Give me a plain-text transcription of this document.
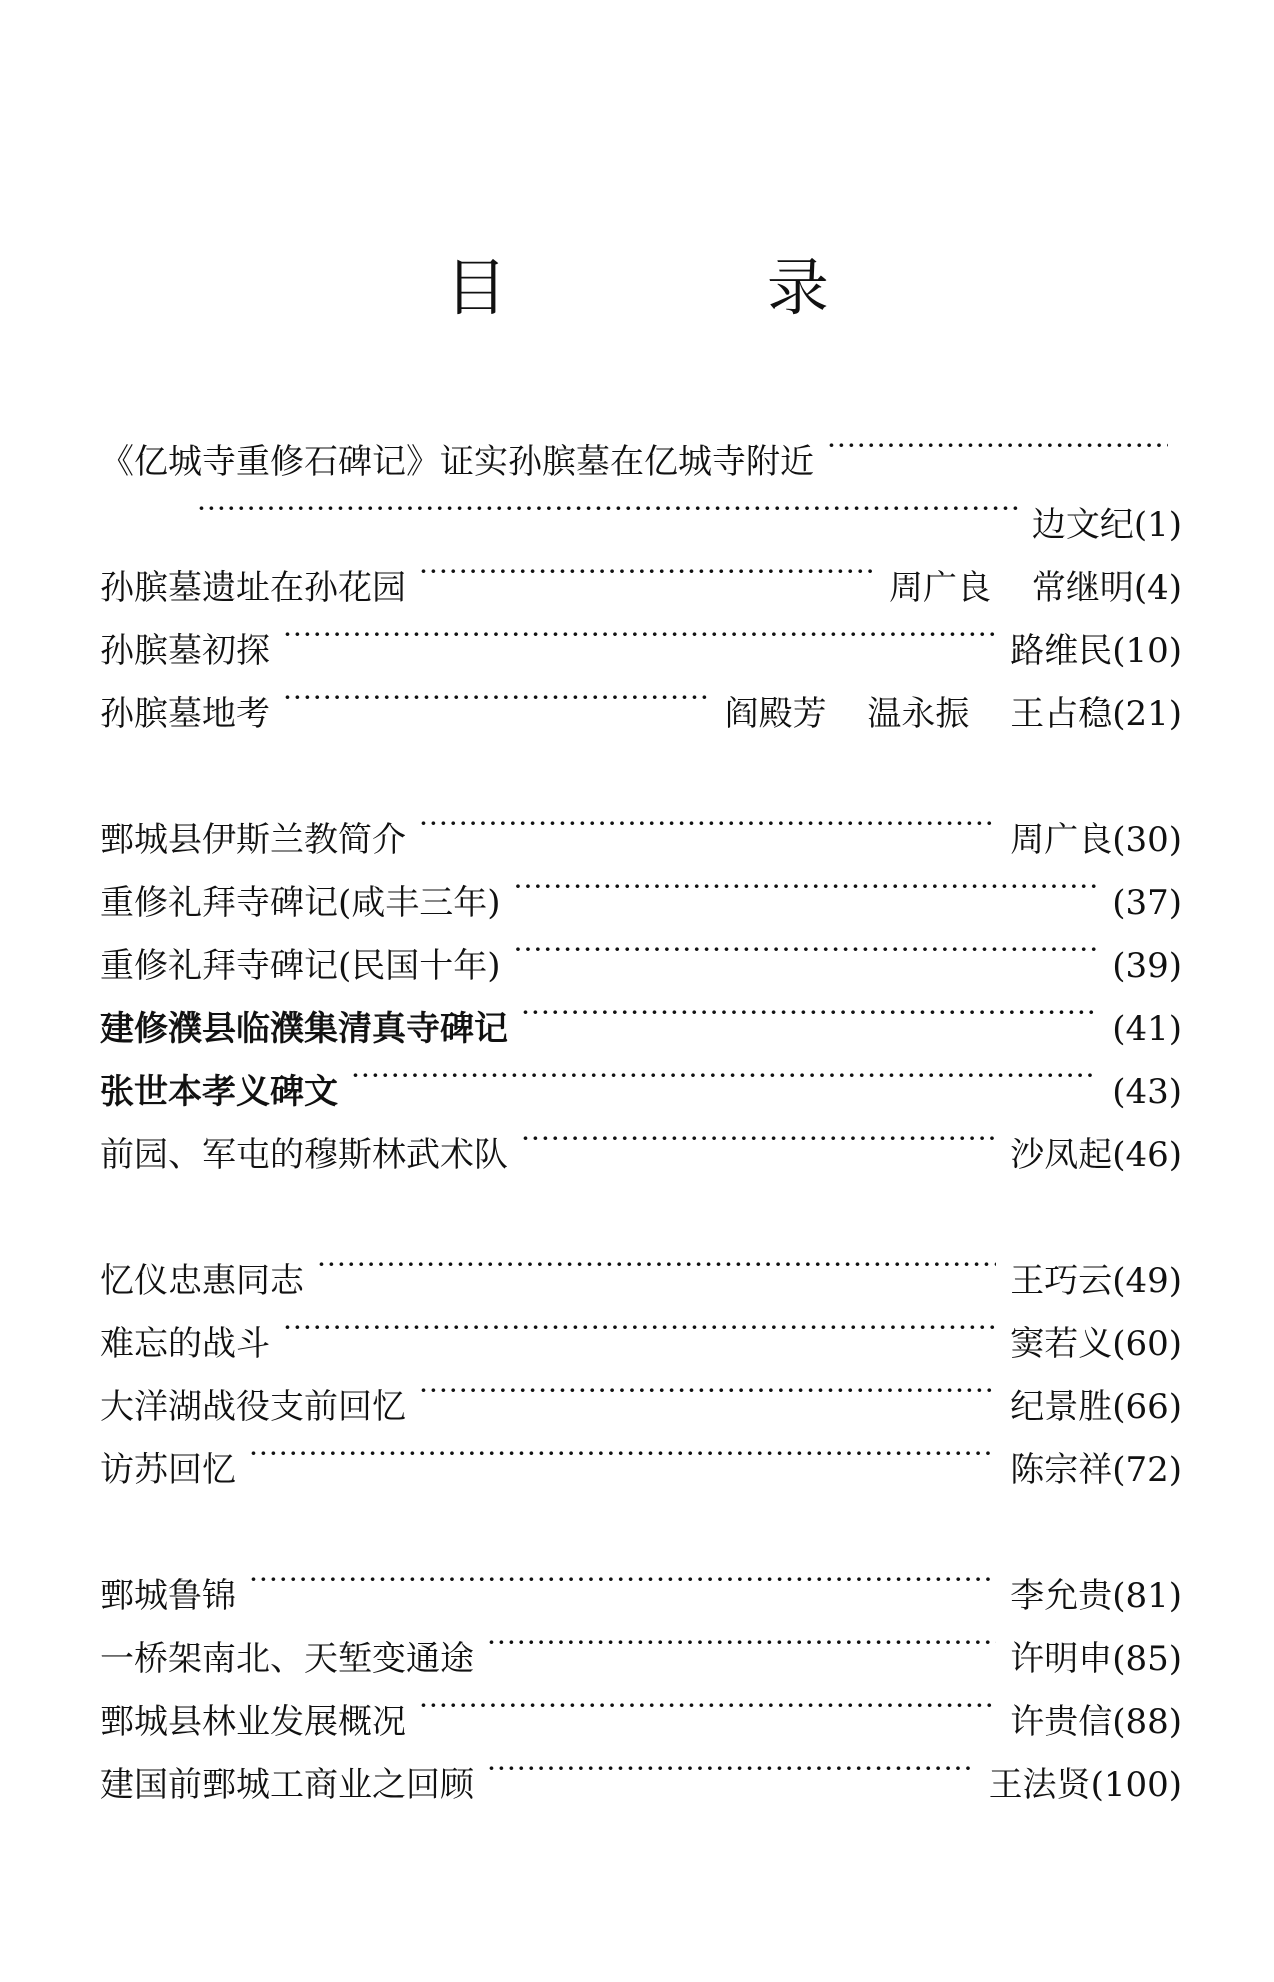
目 录
《亿城寺重修石碑记》证实孙膑墓在亿城寺附近
· · ·
· · ·
边文纪 (1)
孙膑墓遗址在孙花园 · · ·	周广良 常继明 (4)
孙膑墓初探 · · ·	路维民 (10)
孙膑墓地考 · · ·	阎殿芳 温永振 王占稳 (21)
鄄城县伊斯兰教简介 · · ·	周广良 (30)
重修礼拜寺碑记(咸丰三年) · · ·	(37)
重修礼拜寺碑记(民国十年) · · ·	(39)
建修濮县临濮集清真寺碑记 · · ·	(41)
张世本孝义碑文 · · ·	(43)
前园、军屯的穆斯林武术队 · · ·	沙凤起 (46)
忆仪忠惠同志 · · ·	王巧云 (49)
难忘的战斗 · · ·	窦若义 (60)
大洋湖战役支前回忆 · · ·	纪景胜 (66)
访苏回忆 · · ·	陈宗祥 (72)
鄄城鲁锦 · · ·	李允贵 (81)
一桥架南北、天堑变通途 · · ·	许明申 (85)
鄄城县林业发展概况 · · ·	许贵信 (88)
建国前鄄城工商业之回顾 · · ·	王法贤 (100)
